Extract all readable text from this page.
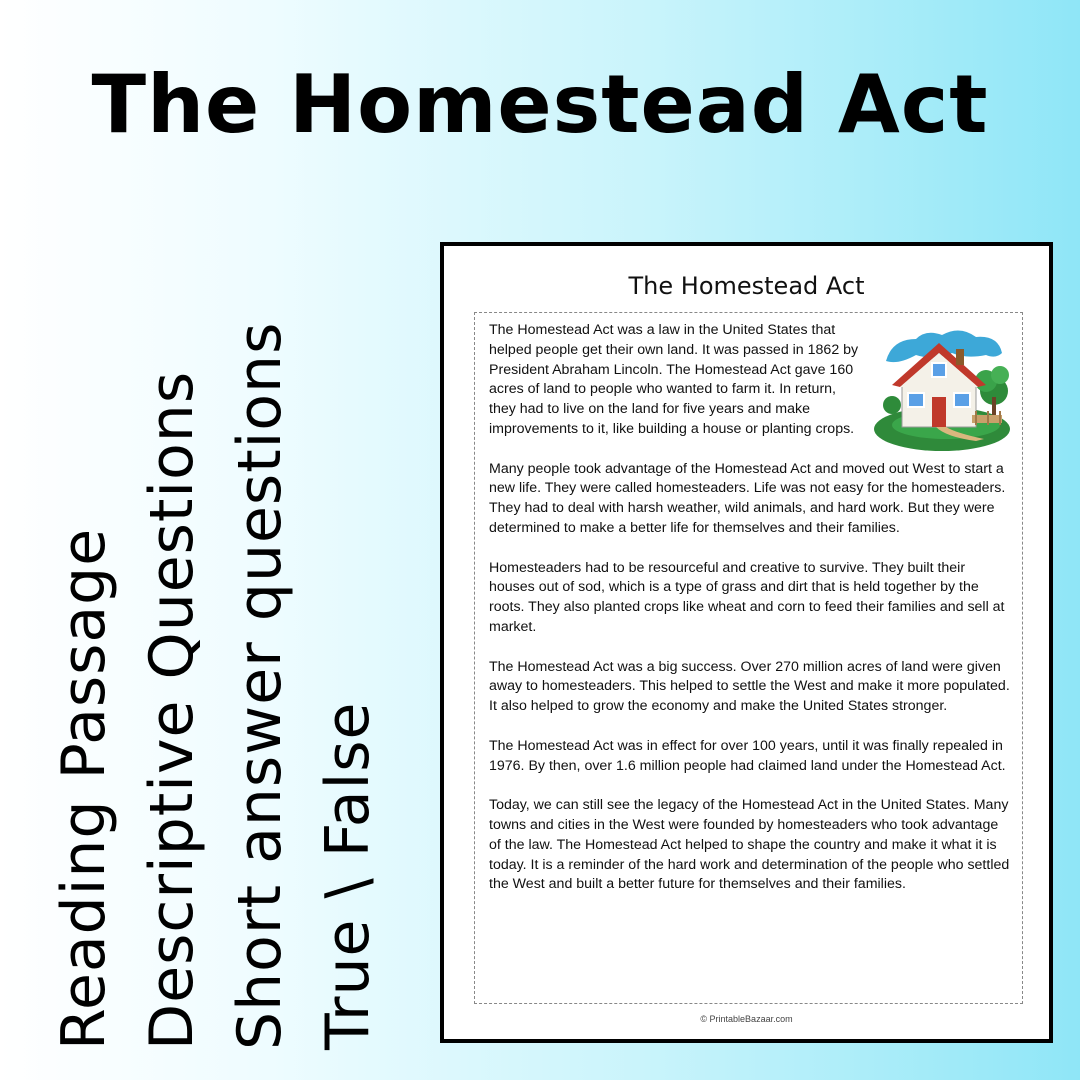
The Homestead Act
Reading Passage Descriptive Questions Short answer questions True \ False
The Homestead Act

The Homestead Act was a law in the United States that helped people get their own land. It was passed in 1862 by President Abraham Lincoln. The Homestead Act gave 160 acres of land to people who wanted to farm it. In return, they had to live on the land for five years and make improvements to it, like building a house or planting crops.

Many people took advantage of the Homestead Act and moved out West to start a new life. They were called homesteaders. Life was not easy for the homesteaders. They had to deal with harsh weather, wild animals, and hard work. But they were determined to make a better life for themselves and their families.

Homesteaders had to be resourceful and creative to survive. They built their houses out of sod, which is a type of grass and dirt that is held together by the roots. They also planted crops like wheat and corn to feed their families and sell at market.

The Homestead Act was a big success. Over 270 million acres of land were given away to homesteaders. This helped to settle the West and make it more populated. It also helped to grow the economy and make the United States stronger.

The Homestead Act was in effect for over 100 years, until it was finally repealed in 1976. By then, over 1.6 million people had claimed land under the Homestead Act.

Today, we can still see the legacy of the Homestead Act in the United States. Many towns and cities in the West were founded by homesteaders who took advantage of the law. The Homestead Act helped to shape the country and make it what it is today. It is a reminder of the hard work and determination of the people who settled the West and built a better future for themselves and their families.

© PrintableBazaar.com
